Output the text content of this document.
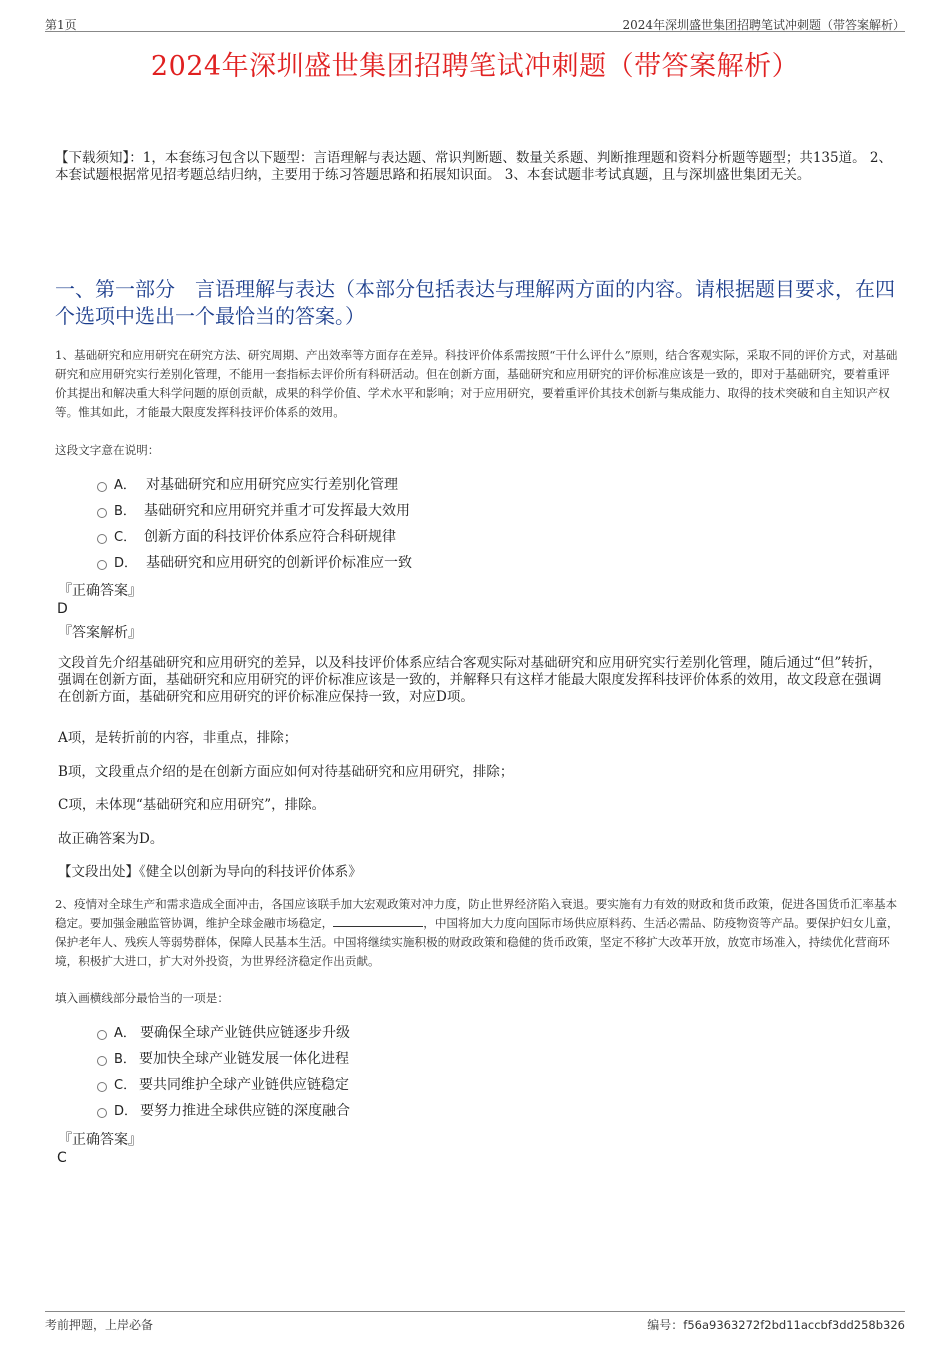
第1页	2024年深圳盛世集团招聘笔试冲刺题（带答案解析）
2024年深圳盛世集团招聘笔试冲刺题（带答案解析）
【下载须知】：1，本套练习包含以下题型：言语理解与表达题、常识判断题、数量关系题、判断推理题和资料分析题等题型；共135道。 2、本套试题根据常见招考题总结归纳，主要用于练习答题思路和拓展知识面。 3、本套试题非考试真题，且与深圳盛世集团无关。
一、第一部分　言语理解与表达（本部分包括表达与理解两方面的内容。请根据题目要求，在四个选项中选出一个最恰当的答案。）
1、基础研究和应用研究在研究方法、研究周期、产出效率等方面存在差异。科技评价体系需按照“干什么评什么”原则，结合客观实际，采取不同的评价方式，对基础研究和应用研究实行差别化管理，不能用一套指标去评价所有科研活动。但在创新方面，基础研究和应用研究的评价标准应该是一致的，即对于基础研究，要着重评价其提出和解决重大科学问题的原创贡献，成果的科学价值、学术水平和影响；对于应用研究，要着重评价其技术创新与集成能力、取得的技术突破和自主知识产权等。惟其如此，才能最大限度发挥科技评价体系的效用。
这段文字意在说明：
A． 对基础研究和应用研究应实行差别化管理
B． 基础研究和应用研究并重才可发挥最大效用
C． 创新方面的科技评价体系应符合科研规律
D． 基础研究和应用研究的创新评价标准应一致
『正确答案』
D
『答案解析』
文段首先介绍基础研究和应用研究的差异，以及科技评价体系应结合客观实际对基础研究和应用研究实行差别化管理，随后通过“但”转折，强调在创新方面，基础研究和应用研究的评价标准应该是一致的，并解释只有这样才能最大限度发挥科技评价体系的效用，故文段意在强调在创新方面，基础研究和应用研究的评价标准应保持一致，对应D项。
A项，是转折前的内容，非重点，排除；
B项，文段重点介绍的是在创新方面应如何对待基础研究和应用研究，排除；
C项，未体现“基础研究和应用研究”，排除。
故正确答案为D。
【文段出处】《健全以创新为导向的科技评价体系》
2、疫情对全球生产和需求造成全面冲击，各国应该联手加大宏观政策对冲力度，防止世界经济陷入衰退。要实施有力有效的财政和货币政策，促进各国货币汇率基本稳定。要加强金融监管协调，维护全球金融市场稳定，	，中国将加大力度向国际市场供应原料药、生活必需品、防疫物资等产品。要保护妇女儿童，保护老年人、残疾人等弱势群体，保障人民基本生活。中国将继续实施积极的财政政策和稳健的货币政策，坚定不移扩大改革开放，放宽市场准入，持续优化营商环境，积极扩大进口，扩大对外投资，为世界经济稳定作出贡献。
填入画横线部分最恰当的一项是：
A． 要确保全球产业链供应链逐步升级
B． 要加快全球产业链发展一体化进程
C． 要共同维护全球产业链供应链稳定
D． 要努力推进全球供应链的深度融合
『正确答案』
C
考前押题，上岸必备	编号：f56a9363272f2bd11accbf3dd258b326
